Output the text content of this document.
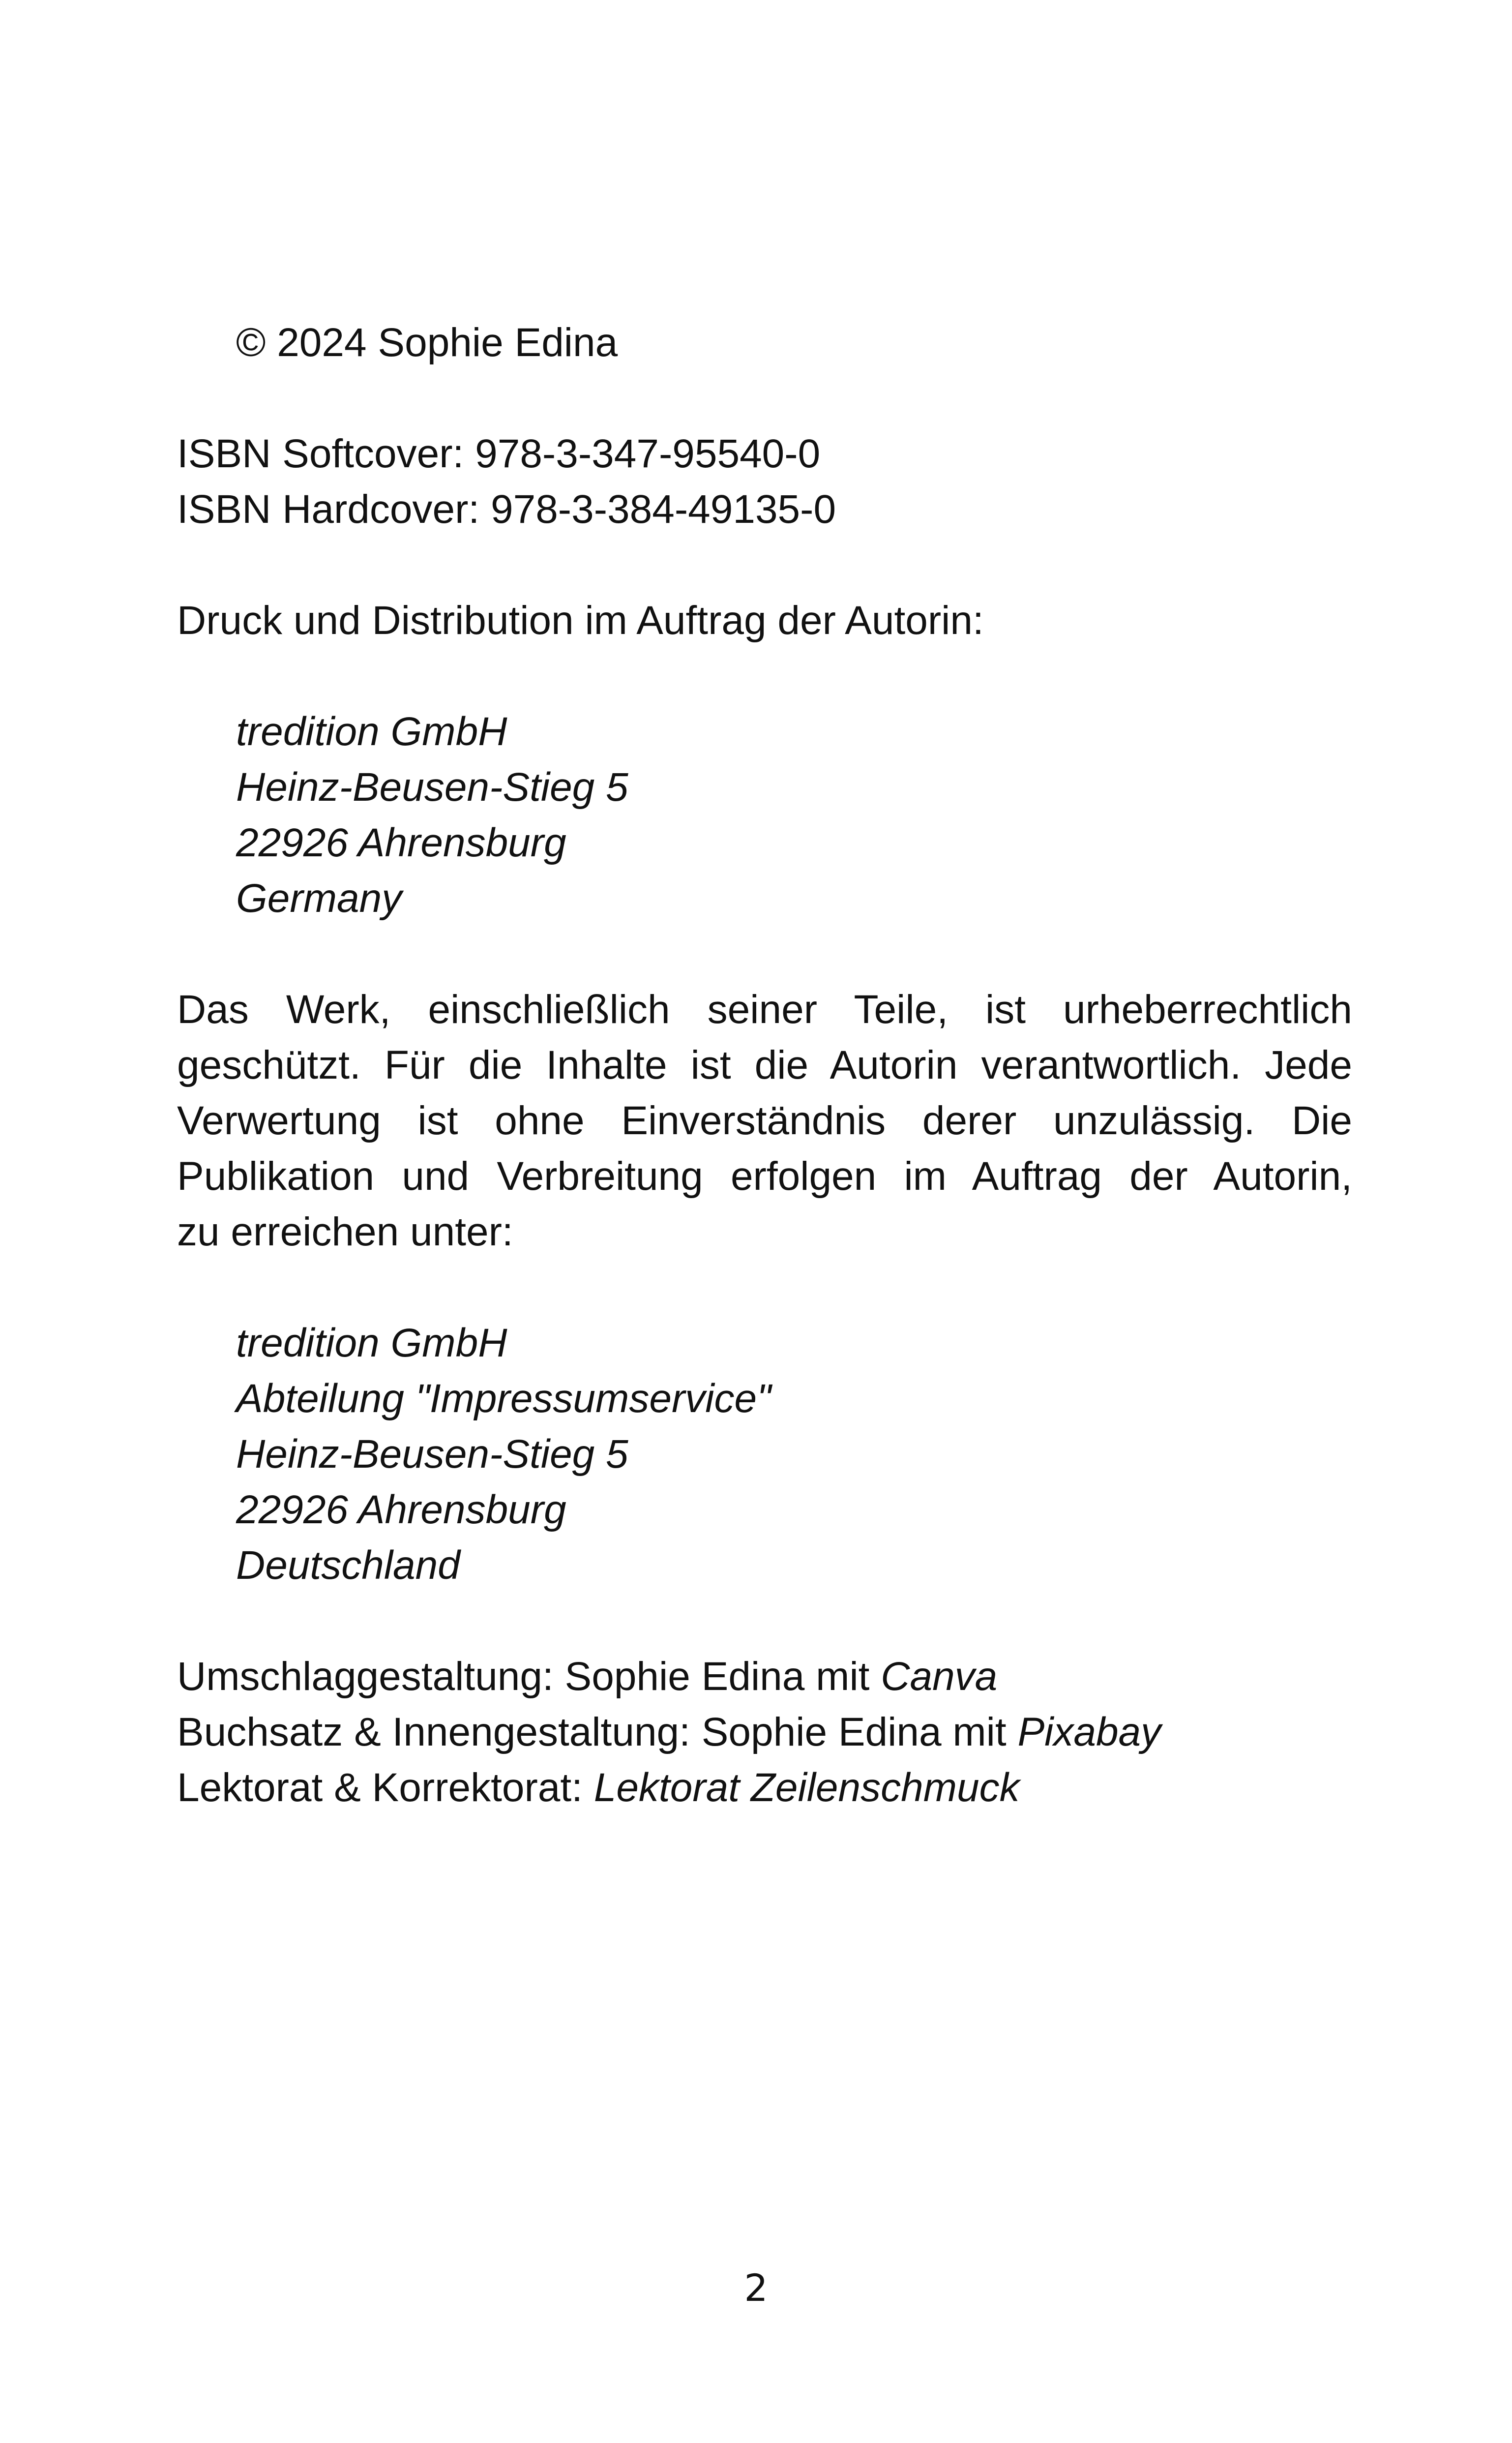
© 2024 Sophie Edina
ISBN Softcover: 978-3-347-95540-0
ISBN Hardcover: 978-3-384-49135-0
Druck und Distribution im Auftrag der Autorin:
tredition GmbH
Heinz-Beusen-Stieg 5
22926 Ahrensburg
Germany
Das Werk, einschließlich seiner Teile, ist urheberrechtlich
geschützt. Für die Inhalte ist die Autorin verantwortlich. Jede
Verwertung ist ohne Einverständnis derer unzulässig. Die
Publikation und Verbreitung erfolgen im Auftrag der Autorin,
zu erreichen unter:
tredition GmbH
Abteilung "Impressumservice"
Heinz-Beusen-Stieg 5
22926 Ahrensburg
Deutschland
Umschlaggestaltung: Sophie Edina mit Canva
Buchsatz & Innengestaltung: Sophie Edina mit Pixabay
Lektorat & Korrektorat: Lektorat Zeilenschmuck
2
